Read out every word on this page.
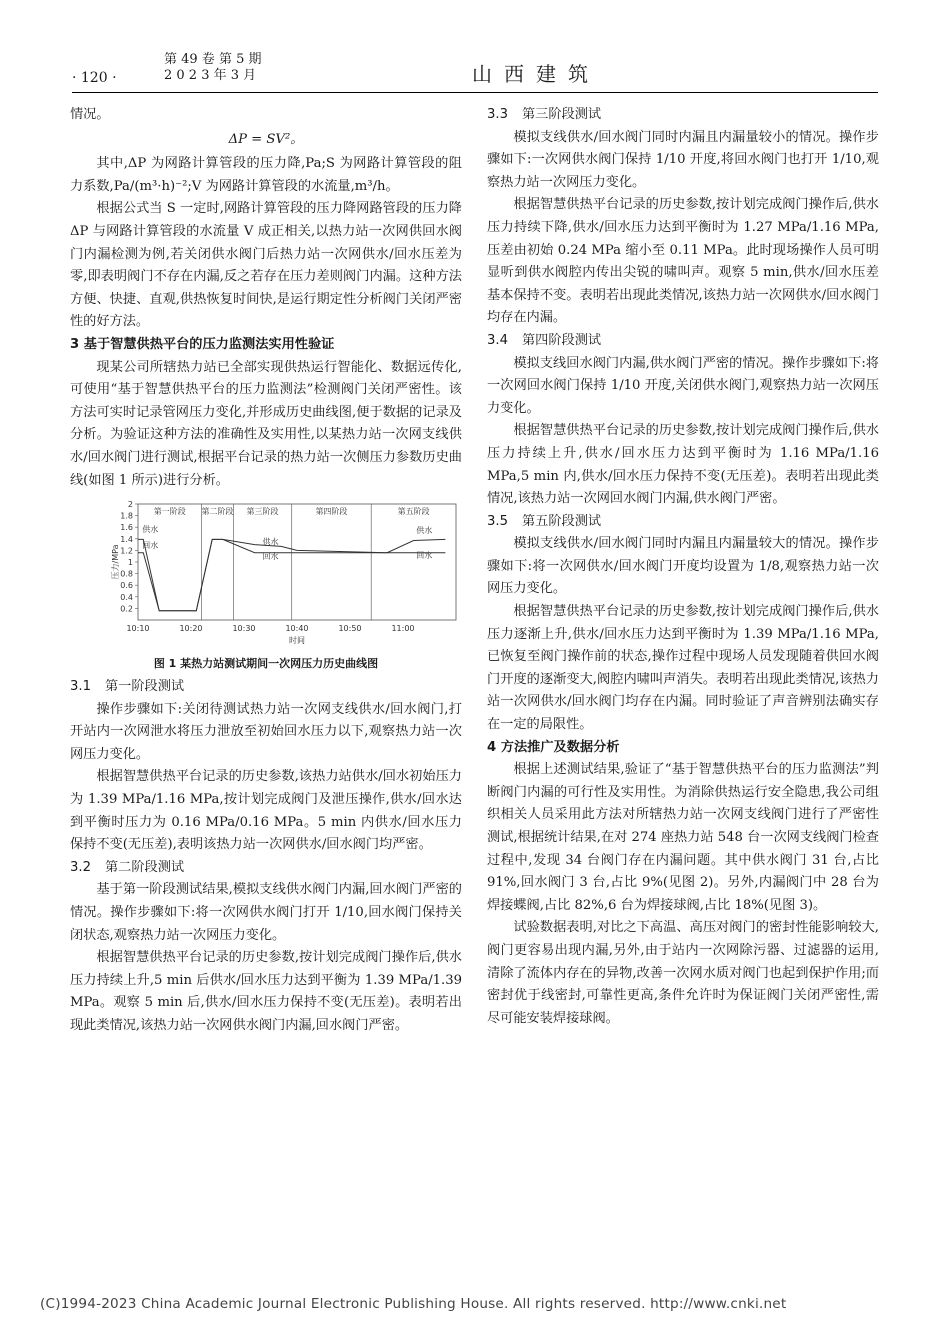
· 120 ·
第 49 卷 第 5 期
2 0 2 3 年 3 月	山西建筑

情况。

ΔP = SV²。

其中,ΔP 为网路计算管段的压力降,Pa;S 为网路计算管段的阻力系数,Pa/(m³·h)⁻²;V 为网路计算管段的水流量,m³/h。

根据公式当 S 一定时,网路计算管段的压力降网路管段的压力降 ΔP 与网路计算管段的水流量 V 成正相关,以热力站一次网供回水阀门内漏检测为例,若关闭供水阀门后热力站一次网供水/回水压差为零,即表明阀门不存在内漏,反之若存在压力差则阀门内漏。这种方法方便、快捷、直观,供热恢复时间快,是运行期定性分析阀门关闭严密性的好方法。

3 基于智慧供热平台的压力监测法实用性验证

现某公司所辖热力站已全部实现供热运行智能化、数据远传化,可使用“基于智慧供热平台的压力监测法”检测阀门关闭严密性。该方法可实时记录管网压力变化,并形成历史曲线图,便于数据的记录及分析。为验证这种方法的准确性及实用性,以某热力站一次网支线供水/回水阀门进行测试,根据平台记录的热力站一次侧压力参数历史曲线(如图 1 所示)进行分析。

0.2
0.4
0.6
0.8
1
1.2
1.4
1.6
1.8
2
10:10	10:20	10:30	10:40	10:50	11:00
时间
压力/MPa
第一阶段 第二阶段 第三阶段	第四阶段	第五阶段
供水
回水	供水
回水
供水
回水

图 1 某热力站测试期间一次网压力历史曲线图

3.1 第一阶段测试

操作步骤如下:关闭待测试热力站一次网支线供水/回水阀门,打开站内一次网泄水将压力泄放至初始回水压力以下,观察热力站一次网压力变化。

根据智慧供热平台记录的历史参数,该热力站供水/回水初始压力为 1.39 MPa/1.16 MPa,按计划完成阀门及泄压操作,供水/回水达到平衡时压力为 0.16 MPa/0.16 MPa。5 min 内供水/回水压力保持不变(无压差),表明该热力站一次网供水/回水阀门均严密。

3.2 第二阶段测试

基于第一阶段测试结果,模拟支线供水阀门内漏,回水阀门严密的情况。操作步骤如下:将一次网供水阀门打开 1/10,回水阀门保持关闭状态,观察热力站一次网压力变化。

根据智慧供热平台记录的历史参数,按计划完成阀门操作后,供水压力持续上升,5 min 后供水/回水压力达到平衡为 1.39 MPa/1.39 MPa。观察 5 min 后,供水/回水压力保持不变(无压差)。表明若出现此类情况,该热力站一次网供水阀门内漏,回水阀门严密。

3.3 第三阶段测试

模拟支线供水/回水阀门同时内漏且内漏量较小的情况。操作步骤如下:一次网供水阀门保持 1/10 开度,将回水阀门也打开 1/10,观察热力站一次网压力变化。

根据智慧供热平台记录的历史参数,按计划完成阀门操作后,供水压力持续下降,供水/回水压力达到平衡时为 1.27 MPa/1.16 MPa,压差由初始 0.24 MPa 缩小至 0.11 MPa。此时现场操作人员可明显听到供水阀腔内传出尖锐的啸叫声。观察 5 min,供水/回水压差基本保持不变。表明若出现此类情况,该热力站一次网供水/回水阀门均存在内漏。

3.4 第四阶段测试

模拟支线回水阀门内漏,供水阀门严密的情况。操作步骤如下:将一次网回水阀门保持 1/10 开度,关闭供水阀门,观察热力站一次网压力变化。

根据智慧供热平台记录的历史参数,按计划完成阀门操作后,供水压力持续上升,供水/回水压力达到平衡时为 1.16 MPa/1.16 MPa,5 min 内,供水/回水压力保持不变(无压差)。表明若出现此类情况,该热力站一次网回水阀门内漏,供水阀门严密。

3.5 第五阶段测试

模拟支线供水/回水阀门同时内漏且内漏量较大的情况。操作步骤如下:将一次网供水/回水阀门开度均设置为 1/8,观察热力站一次网压力变化。

根据智慧供热平台记录的历史参数,按计划完成阀门操作后,供水压力逐渐上升,供水/回水压力达到平衡时为 1.39 MPa/1.16 MPa,已恢复至阀门操作前的状态,操作过程中现场人员发现随着供回水阀门开度的逐渐变大,阀腔内啸叫声消失。表明若出现此类情况,该热力站一次网供水/回水阀门均存在内漏。同时验证了声音辨别法确实存在一定的局限性。

4 方法推广及数据分析

根据上述测试结果,验证了“基于智慧供热平台的压力监测法”判断阀门内漏的可行性及实用性。为消除供热运行安全隐患,我公司组织相关人员采用此方法对所辖热力站一次网支线阀门进行了严密性测试,根据统计结果,在对 274 座热力站 548 台一次网支线阀门检查过程中,发现 34 台阀门存在内漏问题。其中供水阀门 31 台,占比 91%,回水阀门 3 台,占比 9%(见图 2)。另外,内漏阀门中 28 台为焊接蝶阀,占比 82%,6 台为焊接球阀,占比 18%(见图 3)。

试验数据表明,对比之下高温、高压对阀门的密封性能影响较大,阀门更容易出现内漏,另外,由于站内一次网除污器、过滤器的运用,清除了流体内存在的异物,改善一次网水质对阀门也起到保护作用;而密封优于线密封,可靠性更高,条件允许时为保证阀门关闭严密性,需尽可能安装焊接球阀。

(C)1994-2023 China Academic Journal Electronic Publishing House. All rights reserved. http://www.cnki.net
